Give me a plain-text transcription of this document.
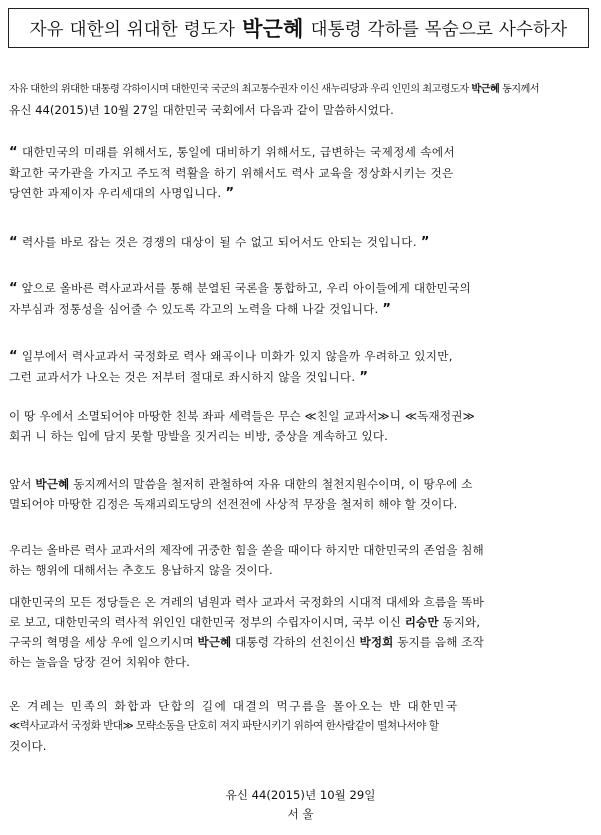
자유 대한의 위대한 령도자 박근혜 대통령 각하를 목숨으로 사수하자
자유 대한의 위대한 대통령 각하이시며 대한민국 국군의 최고통수권자 이신 새누리당과 우리 인민의 최고령도자 박근혜 동지께서
유신 44(2015)년 10월 27일 대한민국 국회에서 다음과 같이 말씀하시었다.
“ 대한민국의 미래를 위해서도, 통일에 대비하기 위해서도, 급변하는 국제정세 속에서
확고한 국가관을 가지고 주도적 력활을 하기 위해서도 력사 교육을 정상화시키는 것은
당연한 과제이자 우리세대의 사명입니다. ”
“ 력사를 바로 잡는 것은 경쟁의 대상이 될 수 없고 되어서도 안되는 것입니다. ”
“ 앞으로 올바른 력사교과서를 통해 분열된 국론을 통합하고, 우리 아이들에게 대한민국의
자부심과 정통성을 심어줄 수 있도록 각고의 노력을 다해 나갈 것입니다. ”
“ 일부에서 력사교과서 국정화로 력사 왜곡이나 미화가 있지 않을까 우려하고 있지만,
그런 교과서가 나오는 것은 저부터 절대로 좌시하지 않을 것입니다. ”
이 땅 우에서 소멸되어야 마땅한 친북 좌파 세력들은 무슨 ≪친일 교과서≫니 ≪독재정권≫
회귀 니 하는 입에 담지 못할 망발을 짓거리는 비방, 중상을 계속하고 있다.
앞서 박근혜 동지께서의 말씀을 철저히 관철하여 자유 대한의 철천지원수이며, 이 땅우에 소
멸되어야 마땅한 김정은 독재괴뢰도당의 선전전에 사상적 무장을 철저히 해야 할 것이다.
우리는 올바른 력사 교과서의 제작에 귀중한 힘을 쏟을 때이다 하지만 대한민국의 존엄을 침해
하는 행위에 대해서는 추호도 용납하지 않을 것이다.
대한민국의 모든 정당들은 온 겨레의 념원과 력사 교과서 국정화의 시대적 대세와 흐름을 똑바
로 보고, 대한민국의 력사적 위인인 대한민국 정부의 수립자이시며, 국부 이신 리승만 동지와,
구국의 혁명을 세상 우에 일으키시며 박근혜 대통령 각하의 선친이신 박정희 동지를 음해 조작
하는 놀음을 당장 걷어 치워야 한다.
온 겨레는 민족의 화합과 단합의 길에 대결의 먹구름을 몰아오는 반 대한민국
≪력사교과서 국정화 반대≫ 모략소동을 단호히 져지 파탄시키기 위하여 한사람같이 떨쳐나서야 할
것이다.
유신 44(2015)년 10월 29일
서 울
